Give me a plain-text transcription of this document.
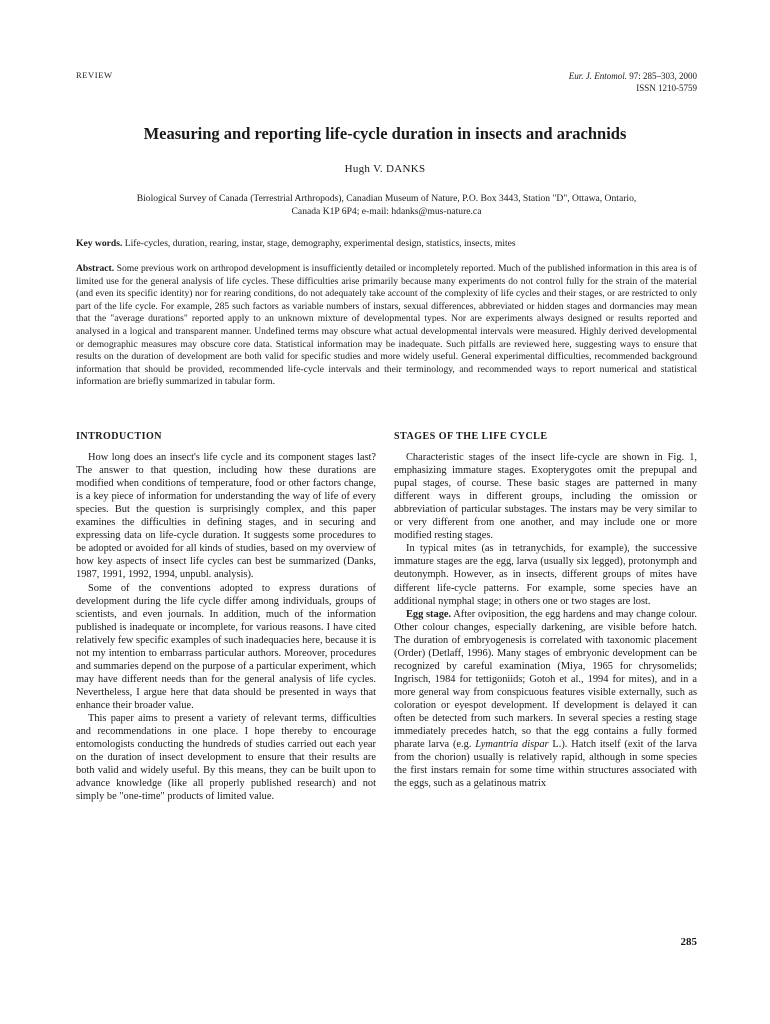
REVIEW	Eur. J. Entomol. 97: 285–303, 2000
ISSN 1210-5759
Measuring and reporting life-cycle duration in insects and arachnids
Hugh V. DANKS
Biological Survey of Canada (Terrestrial Arthropods), Canadian Museum of Nature, P.O. Box 3443, Station "D", Ottawa, Ontario,
Canada K1P 6P4; e-mail: hdanks@mus-nature.ca
Key words. Life-cycles, duration, rearing, instar, stage, demography, experimental design, statistics, insects, mites
Abstract. Some previous work on arthropod development is insufficiently detailed or incompletely reported. Much of the published information in this area is of limited use for the general analysis of life cycles. These difficulties arise primarily because many experiments do not control fully for the strain of the material (and even its specific identity) nor for rearing conditions, do not adequately take account of the complexity of life cycles and their stages, or are restricted to only part of the life cycle. For example, 285 such factors as variable numbers of instars, sexual differences, abbreviated or hidden stages and dormancies may mean that the "average durations" reported apply to an unknown mixture of developmental types. Nor are experiments always designed or results reported and analysed in a logical and transparent manner. Undefined terms may obscure what actual developmental intervals were measured. Highly derived developmental or demographic measures may obscure core data. Statistical information may be inadequate. Such pitfalls are reviewed here, suggesting ways to ensure that results on the duration of development are both valid for specific studies and more widely useful. General experimental difficulties, recommended background information that should be provided, recommended life-cycle intervals and their terminology, and recommended ways to report numerical and statistical information are briefly summarized in tabular form.
INTRODUCTION

How long does an insect's life cycle and its component stages last? The answer to that question, including how these durations are modified when conditions of temperature, food or other factors change, is a key piece of information for understanding the way of life of every species. But the question is surprisingly complex, and this paper examines the difficulties in defining stages, and in securing and expressing data on life-cycle duration. It suggests some procedures to be adopted or avoided for all kinds of studies, based on my overview of how key aspects of insect life cycles can best be summarized (Danks, 1987, 1991, 1992, 1994, unpubl. analysis).

Some of the conventions adopted to express durations of development during the life cycle differ among individuals, groups of scientists, and even journals. In addition, much of the information published is inadequate or incomplete, for various reasons. I have cited relatively few specific examples of such inadequacies here, because it is not my intention to embarrass particular authors. Moreover, procedures and summaries depend on the purpose of a particular experiment, which may have different needs than for the general analysis of life cycles. Nevertheless, I argue here that data should be presented in ways that enhance their broader value.

This paper aims to present a variety of relevant terms, difficulties and recommendations in one place. I hope thereby to encourage entomologists conducting the hundreds of studies carried out each year on the duration of insect development to ensure that their results are both valid and widely useful. By this means, they can be built upon to advance knowledge (like all properly published research) and not simply be "one-time" products of limited value.

STAGES OF THE LIFE CYCLE

Characteristic stages of the insect life-cycle are shown in Fig. 1, emphasizing immature stages. Exopterygotes omit the prepupal and pupal stages, of course. These basic stages are patterned in many different ways in different groups, including the omission or abbreviation of particular substages. The instars may be very similar to or very different from one another, and may include one or more modified resting stages.

In typical mites (as in tetranychids, for example), the successive immature stages are the egg, larva (usually six legged), protonymph and deutonymph. However, as in insects, different groups of mites have different life-cycle patterns. For example, some species have an additional nymphal stage; in others one or two stages are lost.

Egg stage. After oviposition, the egg hardens and may change colour. Other colour changes, especially darkening, are visible before hatch. The duration of embryogenesis is correlated with taxonomic placement (Order) (Detlaff, 1996). Many stages of embryonic development can be recognized by careful examination (Miya, 1965 for chrysomelids; Ingrisch, 1984 for tettigoniids; Gotoh et al., 1994 for mites), and in a more general way from conspicuous features visible externally, such as coloration or eyespot development. If development is delayed it can often be detected from such markers. In several species a resting stage immediately precedes hatch, so that the egg contains a fully formed pharate larva (e.g. Lymantria dispar L.). Hatch itself (exit of the larva from the chorion) usually is relatively rapid, although in some species the first instars remain for some time within structures associated with the eggs, such as a gelatinous matrix

285
